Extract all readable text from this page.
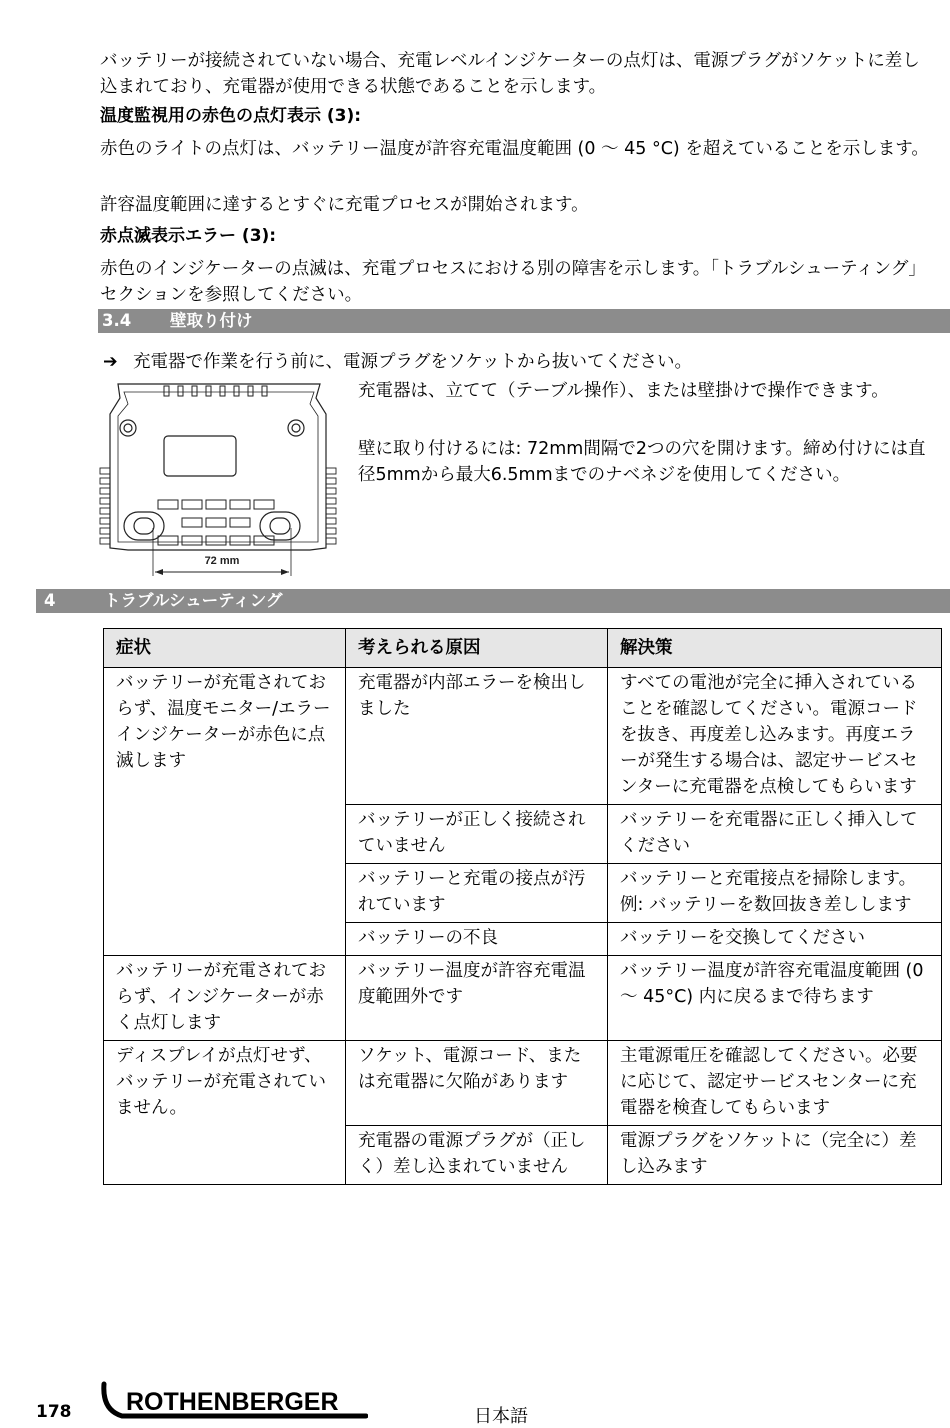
バッテリーが接続されていない場合、充電レベルインジケーターの点灯は、電源プラグがソケットに差し込まれており、充電器が使用できる状態であることを示します。

温度監視用の赤色の点灯表示 (3):

赤色のライトの点灯は、バッテリー温度が許容充電温度範囲 (0 ～ 45 °C) を超えていることを示します。

許容温度範囲に達するとすぐに充電プロセスが開始されます。

赤点滅表示エラー (3):

赤色のインジケーターの点滅は、充電プロセスにおける別の障害を示します。「トラブルシューティング」セクションを参照してください。

3.4 壁取り付け

➔ 充電器で作業を行う前に、電源プラグをソケットから抜いてください。

72 mm

充電器は、立てて（テーブル操作）、または壁掛けで操作できます。

壁に取り付けるには: 72mm間隔で2つの穴を開けます。締め付けには直径5mmから最大6.5mmまでのナベネジを使用してください。

4	トラブルシューティング
症状	考えられる原因	解決策
バッテリーが充電されておらず、温度モニター/エラーインジケーターが赤色に点滅します	充電器が内部エラーを検出しました	すべての電池が完全に挿入されていることを確認してください。電源コードを抜き、再度差し込みます。再度エラーが発生する場合は、認定サービスセンターに充電器を点検してもらいます
	バッテリーが正しく接続されていません	バッテリーを充電器に正しく挿入してください
	バッテリーと充電の接点が汚れています	バッテリーと充電接点を掃除します。 例: バッテリーを数回抜き差しします
	バッテリーの不良	バッテリーを交換してください
バッテリーが充電されておらず、インジケーターが赤く点灯します	バッテリー温度が許容充電温度範囲外です	バッテリー温度が許容充電温度範囲 (0 ～ 45°C) 内に戻るまで待ちます
ディスプレイが点灯せず、バッテリーが充電されていません。	ソケット、電源コード、または充電器に欠陥があります	主電源電圧を確認してください。必要に応じて、認定サービスセンターに充電器を検査してもらいます
	充電器の電源プラグが（正しく）差し込まれていません	電源プラグをソケットに（完全に）差し込みます
178 ROTHENBERGER
日本語
